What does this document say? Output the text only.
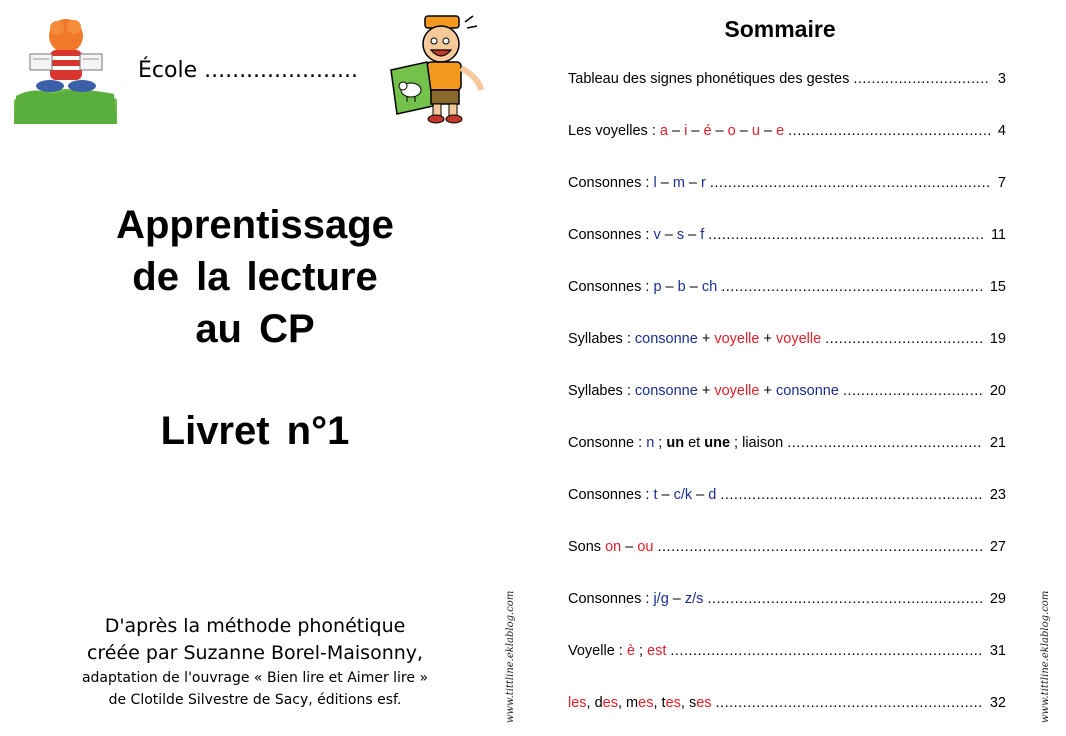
École ......................
Apprentissage
de la lecture
au CP
Livret n°1
D'après la méthode phonétique
créée par Suzanne Borel-Maisonny,
adaptation de l'ouvrage « Bien lire et Aimer lire »
de Clotilde Silvestre de Sacy, éditions esf.	www.tittline.eklablog.com
Sommaire
Tableau des signes phonétiques des gestes .....	3
Les voyelles : a – i – é – o – u – e .....	4
Consonnes : l – m – r .....	7
Consonnes : v – s – f .....	11
Consonnes : p – b – ch .....	15
Syllabes : consonne + voyelle + voyelle .....	19
Syllabes : consonne + voyelle + consonne .....	20
Consonne : n ; un et une ; liaison .....	21
Consonnes : t – c/k – d .....	23
Sons on – ou .....	27
Consonnes : j/g – z/s .....	29
Voyelle : è ; est .....	31
les, des, mes, tes, ses .....	32	www.tittline.eklablog.com
